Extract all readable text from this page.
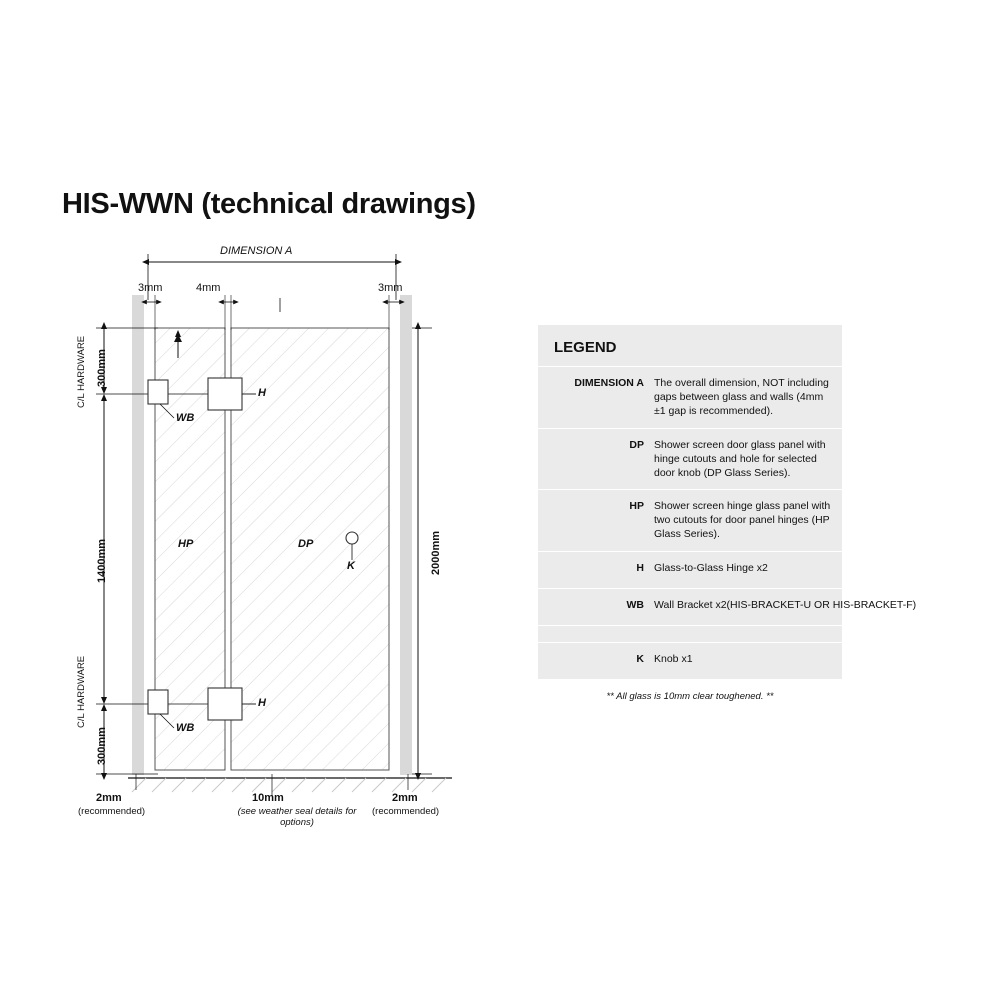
HIS-WWN (technical drawings)
DIMENSION A
3mm	4mm	3mm
2000mm
C/L HARDWARE 300mm
1400mm
C/L HARDWARE
300mm
HP	DP
H
H
WB
WB
K
2mm
(recommended)
10mm
(see weather seal details for options)
2mm
(recommended)
LEGEND
DIMENSION A The overall dimension, NOT including gaps between glass and walls (4mm ±1 gap is recommended).
DP Shower screen door glass panel with hinge cutouts and hole for selected door knob (DP Glass Series).
HP Shower screen hinge glass panel with two cutouts for door panel hinges (HP Glass Series).
H Glass-to-Glass Hinge x2
WB Wall Bracket x2(HIS-BRACKET-U OR HIS-BRACKET-F)
K Knob x1
** All glass is 10mm clear toughened. **
